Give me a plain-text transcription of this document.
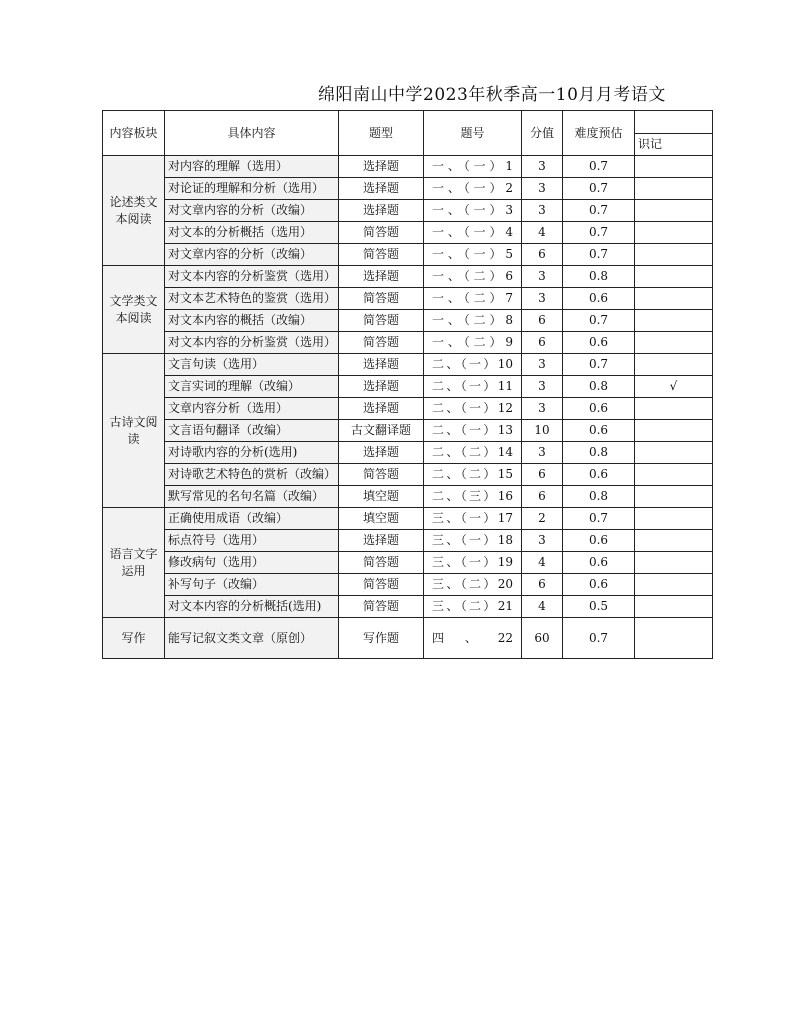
绵阳南山中学2023年秋季高一10月月考语文
内容板块	具体内容	题型	题号	分值	难度预估	
						识记
论述类文本阅读	对内容的理解（选用）	选择题	一、（一）1	3	0.7	
	对论证的理解和分析（选用）	选择题	一、（一）2	3	0.7	
	对文章内容的分析（改编）	选择题	一、（一）3	3	0.7	
	对文本的分析概括（选用）	简答题	一、（一）4	4	0.7	
	对文章内容的分析（改编）	简答题	一、（一）5	6	0.7	
文学类文本阅读	对文本内容的分析鉴赏（选用）	选择题	一、（二）6	3	0.8	
	对文本艺术特色的鉴赏（选用）	简答题	一、（二）7	3	0.6	
	对文本内容的概括（改编）	简答题	一、（二）8	6	0.7	
	对文本内容的分析鉴赏（选用）	简答题	一、（二）9	6	0.6	
古诗文阅读	文言句读（选用）	选择题	二、（一）10	3	0.7	
	文言实词的理解（改编）	选择题	二、（一）11	3	0.8	√
	文章内容分析（选用）	选择题	二、（一）12	3	0.6	
	文言语句翻译（改编）	古文翻译题	二、（一）13	10	0.6	
	对诗歌内容的分析(选用)	选择题	二、（二）14	3	0.8	
	对诗歌艺术特色的赏析（改编）	简答题	二、（二）15	6	0.6	
	默写常见的名句名篇（改编）	填空题	二、（三）16	6	0.8	
语言文字运用	正确使用成语（改编）	填空题	三、（一）17	2	0.7	
	标点符号（选用）	选择题	三、（一）18	3	0.6	
	修改病句（选用）	简答题	三、（一）19	4	0.6	
	补写句子（改编）	简答题	三、（二）20	6	0.6	
	对文本内容的分析概括(选用)	简答题	三、（二）21	4	0.5	
写作	能写记叙文类文章（原创）	写作题	四、22	60	0.7	
